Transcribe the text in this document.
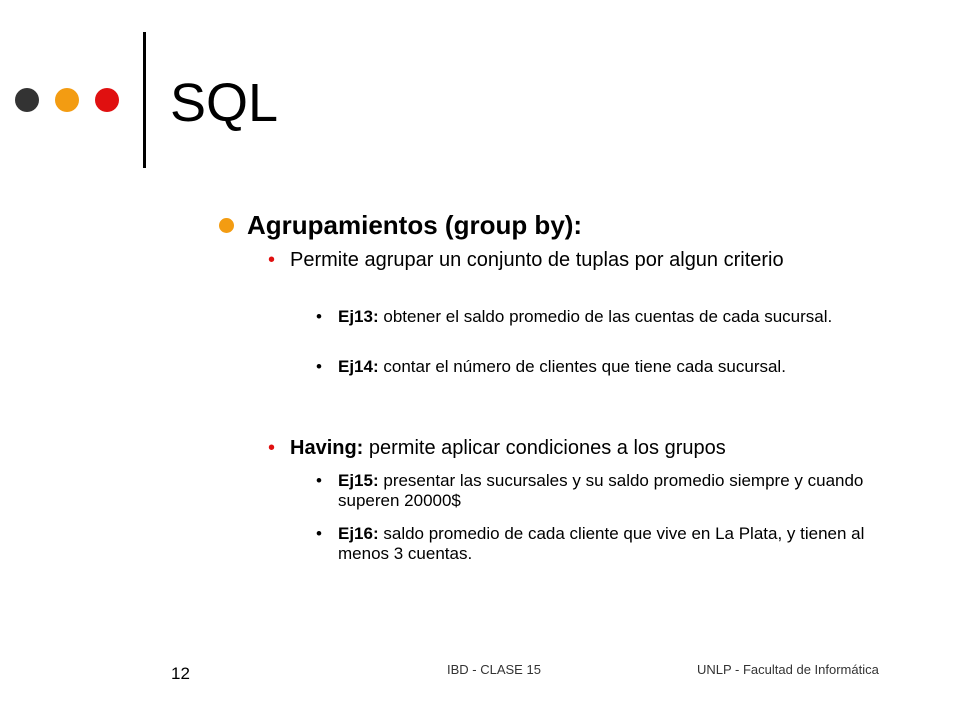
SQL
Agrupamientos (group by):
• Permite agrupar un conjunto de tuplas por algun criterio
• Ej13: obtener el saldo promedio de las cuentas de cada sucursal.
• Ej14: contar el número de clientes que tiene cada sucursal.
• Having: permite aplicar condiciones a los grupos
• Ej15: presentar las sucursales y su saldo promedio siempre y cuando superen 20000$
• Ej16: saldo promedio de cada cliente que vive en La Plata, y tienen al menos 3 cuentas.
12	IBD - CLASE 15	UNLP - Facultad de Informática
